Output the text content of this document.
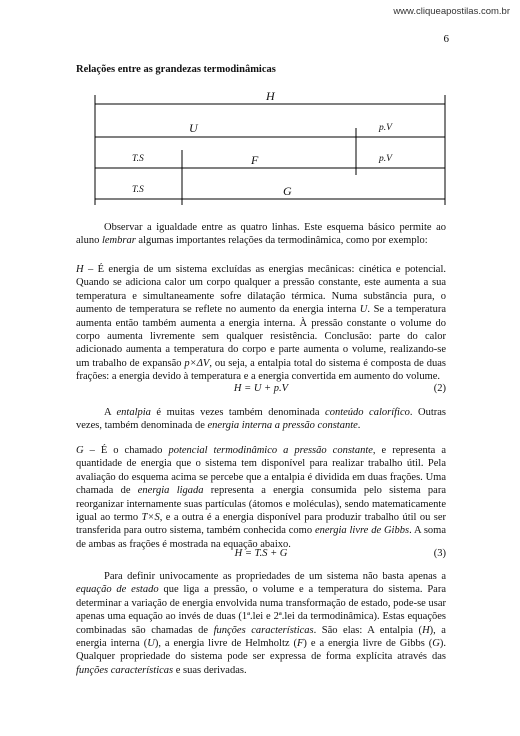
www.cliqueapostilas.com.br
6
Relações entre as grandezas termodinâmicas
H
U	p.V
T.S	F	p.V
T.S	G

Observar a igualdade entre as quatro linhas. Este esquema básico permite ao aluno lembrar algumas importantes relações da termodinâmica, como por exemplo:

H – É energia de um sistema excluídas as energias mecânicas: cinética e potencial. Quando se adiciona calor um corpo qualquer a pressão constante, este aumenta a sua temperatura e simultaneamente sofre dilatação térmica. Numa substância pura, o aumento de temperatura se reflete no aumento da energia interna U. Se a temperatura aumenta então também aumenta a energia interna. À pressão constante o volume do corpo aumenta livremente sem qualquer resistência. Conclusão: parte do calor adicionado aumenta a temperatura do corpo e parte aumenta o volume, realizando-se um trabalho de expansão p×ΔV, ou seja, a entalpia total do sistema é composta de duas frações: a energia devido à temperatura e a energia convertida em aumento do volume.

H = U + p.V	(2)

A entalpia é muitas vezes também denominada conteúdo calorífico. Outras vezes, também denominada de energia interna a pressão constante.

G – É o chamado potencial termodinâmico a pressão constante, e representa a quantidade de energia que o sistema tem disponível para realizar trabalho útil. Pela avaliação do esquema acima se percebe que a entalpia é dividida em duas frações. Uma chamada de energia ligada representa a energia consumida pelo sistema para reorganizar internamente suas partículas (átomos e moléculas), sendo matematicamente igual ao termo T×S, e a outra é a energia disponível para produzir trabalho útil ou ser transferida para outro sistema, também conhecida como energia livre de Gibbs. A soma de ambas as frações é mostrada na equação abaixo.

H = T.S + G	(3)

Para definir univocamente as propriedades de um sistema não basta apenas a equação de estado que liga a pressão, o volume e a temperatura do sistema. Para determinar a variação de energia envolvida numa transformação de estado, pode-se usar apenas uma equação ao invés de duas (1ª.lei e 2ª.lei da termodinâmica). Estas equações combinadas são chamadas de funções características. São elas: A entalpia (H), a energia interna (U), a energia livre de Helmholtz (F) e a energia livre de Gibbs (G). Qualquer propriedade do sistema pode ser expressa de forma explícita através das funções características e suas derivadas.
